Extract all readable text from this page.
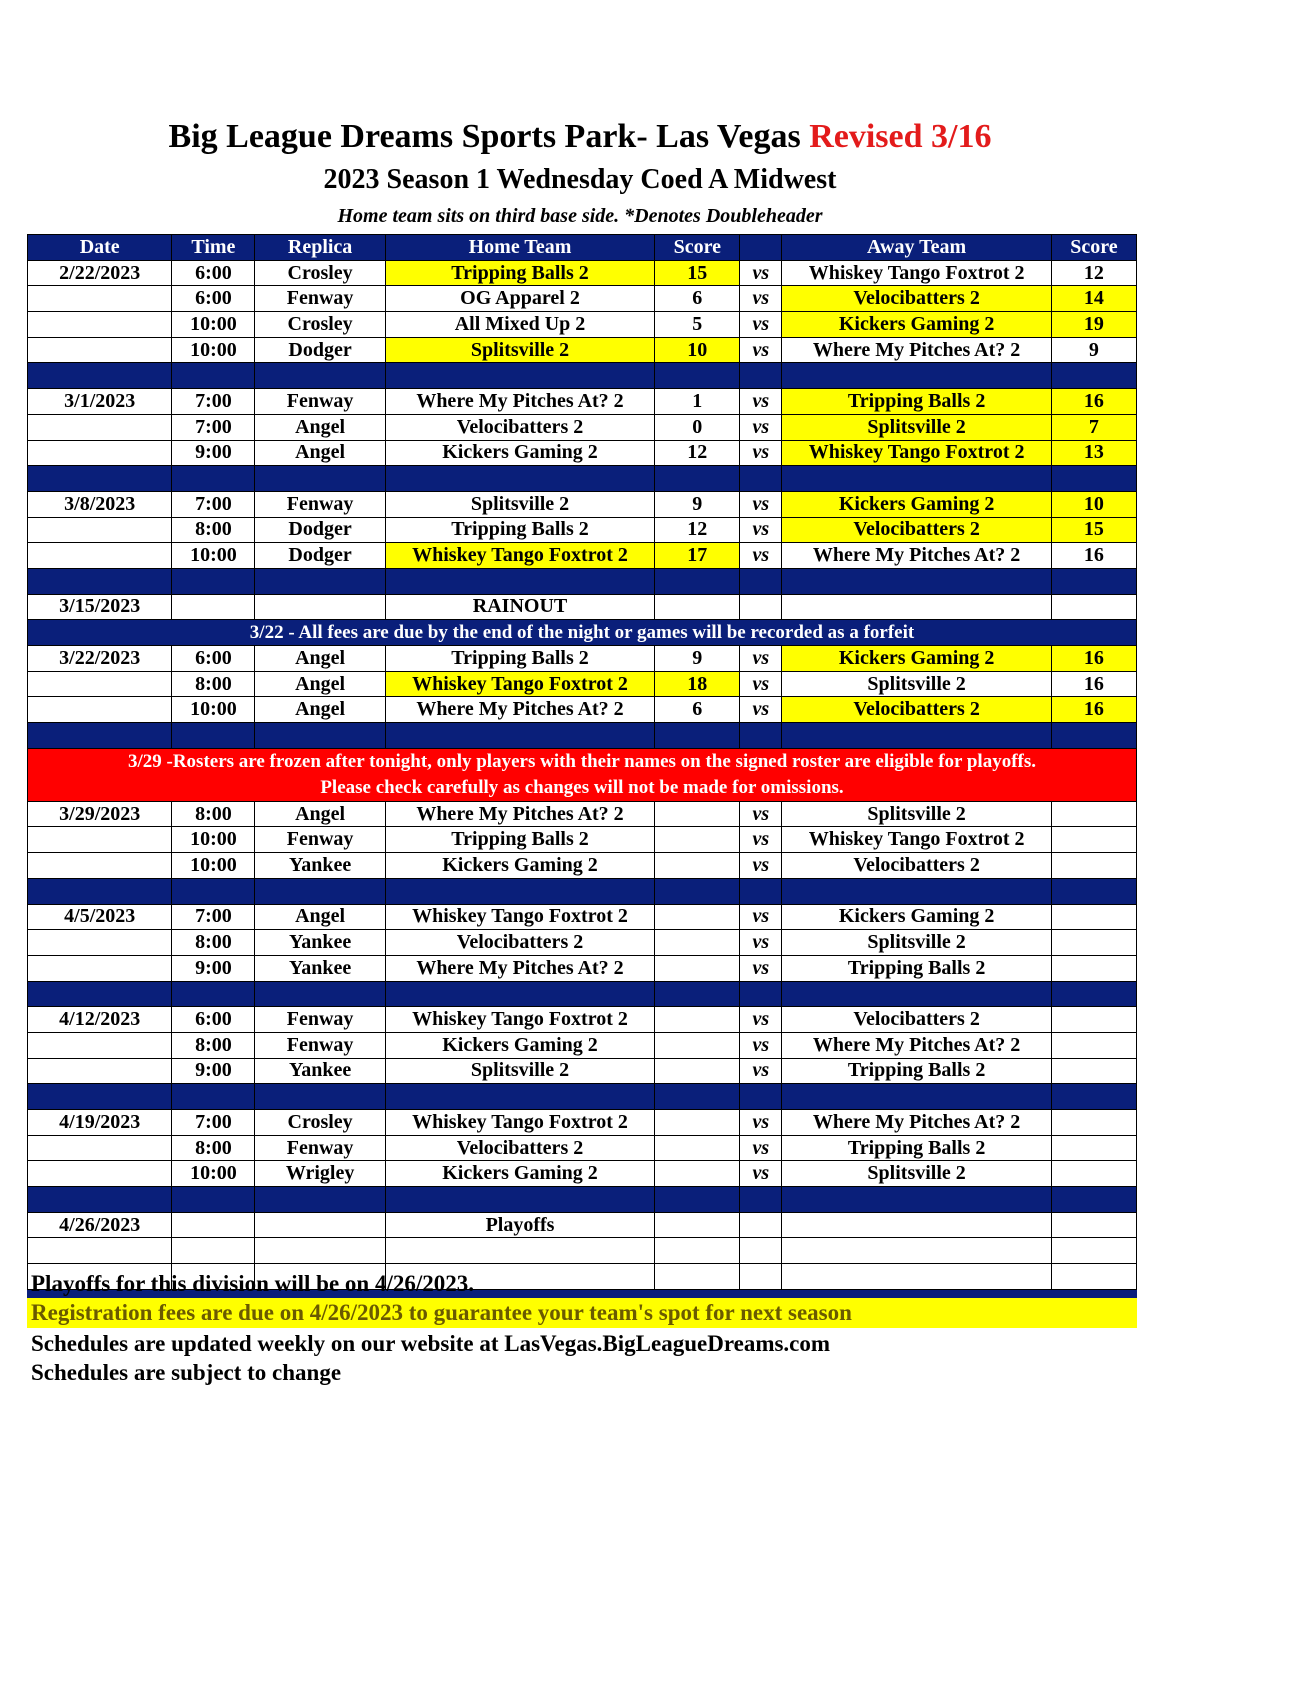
Big League Dreams Sports Park- Las Vegas Revised 3/16
2023 Season 1 Wednesday Coed A Midwest
Home team sits on third base side. *Denotes Doubleheader
Date	Time	Replica	Home Team	Score		Away Team	Score
2/22/2023	6:00	Crosley	Tripping Balls 2	15	vs	Whiskey Tango Foxtrot 2	12
	6:00	Fenway	OG Apparel 2	6	vs	Velocibatters 2	14
	10:00	Crosley	All Mixed Up 2	5	vs	Kickers Gaming 2	19
	10:00	Dodger	Splitsville 2	10	vs	Where My Pitches At? 2	9

3/1/2023	7:00	Fenway	Where My Pitches At? 2	1	vs	Tripping Balls 2	16
	7:00	Angel	Velocibatters 2	0	vs	Splitsville 2	7
	9:00	Angel	Kickers Gaming 2	12	vs	Whiskey Tango Foxtrot 2	13

3/8/2023	7:00	Fenway	Splitsville 2	9	vs	Kickers Gaming 2	10
	8:00	Dodger	Tripping Balls 2	12	vs	Velocibatters 2	15
	10:00	Dodger	Whiskey Tango Foxtrot 2	17	vs	Where My Pitches At? 2	16

3/15/2023			RAINOUT				
3/22 - All fees are due by the end of the night or games will be recorded as a forfeit							
3/22/2023	6:00	Angel	Tripping Balls 2	9	vs	Kickers Gaming 2	16
	8:00	Angel	Whiskey Tango Foxtrot 2	18	vs	Splitsville 2	16
	10:00	Angel	Where My Pitches At? 2	6	vs	Velocibatters 2	16

3/29 -Rosters are frozen after tonight, only players with their names on the signed roster are eligible for playoffs.
Please check carefully as changes will not be made for omissions.							

3/29/2023	8:00	Angel	Where My Pitches At? 2		vs	Splitsville 2	
	10:00	Fenway	Tripping Balls 2		vs	Whiskey Tango Foxtrot 2	
	10:00	Yankee	Kickers Gaming 2		vs	Velocibatters 2	

4/5/2023	7:00	Angel	Whiskey Tango Foxtrot 2		vs	Kickers Gaming 2	
	8:00	Yankee	Velocibatters 2		vs	Splitsville 2	
	9:00	Yankee	Where My Pitches At? 2		vs	Tripping Balls 2	

4/12/2023	6:00	Fenway	Whiskey Tango Foxtrot 2		vs	Velocibatters 2	
	8:00	Fenway	Kickers Gaming 2		vs	Where My Pitches At? 2	
	9:00	Yankee	Splitsville 2		vs	Tripping Balls 2	

4/19/2023	7:00	Crosley	Whiskey Tango Foxtrot 2		vs	Where My Pitches At? 2	
	8:00	Fenway	Velocibatters 2		vs	Tripping Balls 2	
	10:00	Wrigley	Kickers Gaming 2		vs	Splitsville 2	

4/26/2023			Playoffs				

Playoffs for this division will be on 4/26/2023.
Registration fees are due on 4/26/2023 to guarantee your team's spot for next season
Schedules are updated weekly on our website at LasVegas.BigLeagueDreams.com
Schedules are subject to change
